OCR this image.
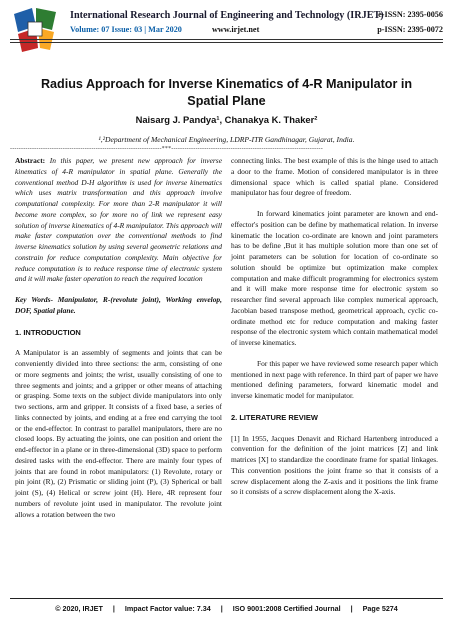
International Research Journal of Engineering and Technology (IRJET)
Volume: 07 Issue: 03 | Mar 2020	www.irjet.net
e-ISSN: 2395-0056
p-ISSN: 2395-0072
Radius Approach for Inverse Kinematics of 4-R Manipulator in Spatial Plane
Naisarg J. Pandya¹, Chanakya K. Thaker²
¹,²Department of Mechanical Engineering, LDRP-ITR Gandhinagar, Gujarat, India.
---------------------------------------------------------------------***---------------------------------------------------------------------

Abstract: In this paper, we present new approach for inverse kinematics of 4-R manipulator in spatial plane. Generally the conventional method D-H algorithm is used for inverse kinematics which uses matrix transformation and this approach involve computational complexity. For more than 2-R manipulator it will become more complex, so for more no of link we represent easy solution of inverse kinematics of 4-R manipulator. This approach will make faster computation over the conventional methods to find inverse kinematics solution by using several geometric relations and constrain for reduce computation complexity. Main objective for reduce computation is to reduce response time of electronic system and it will make faster operation to reach the required location

Key Words- Manipulator, R-(revolute joint), Working envelop, DOF, Spatial plane.

1. INTRODUCTION

A Manipulator is an assembly of segments and joints that can be conveniently divided into three sections: the arm, consisting of one or more segments and joints; the wrist, usually consisting of one to three segments and joints; and a gripper or other means of attaching or grasping. Some texts on the subject divide manipulators into only two sections, arm and gripper. It consists of a fixed base, a series of links connected by joints, and ending at a free end carrying the tool or the end-effector. In contrast to parallel manipulators, there are no closed loops. By actuating the joints, one can position and orient the end-effector in a plane or in three-dimensional (3D) space to perform desired tasks with the end-effector. There are mainly four types of joints that are found in robot manipulators: (1) Revolute, rotary or pin joint (R), (2) Prismatic or sliding joint (P), (3) Spherical or ball joint (S), (4) Helical or screw joint (H). Here, 4R represent four numbers of revolute joint used in manipulator. The revolute joint allows a rotation between the two

connecting links. The best example of this is the hinge used to attach a door to the frame. Motion of considered manipulator is in three dimensional space which is called spatial plane. Considered manipulator has four degree of freedom.

In forward kinematics joint parameter are known and end-effector's position can be define by mathematical relation. In inverse kinematic the location co-ordinate are known and joint parameters has to be define ,But it has multiple solution more than one set of joint parameters can be solution for location of co-ordinate so solution should be optimize but optimization make complex computation and make difficult programming for electronics system and it will make more response time for electronic system so researcher find several approach like complex numerical approach, Jacobian based transpose method, geometrical approach, cyclic co-ordinate method etc for reduce computation and making faster response of the electronic system which contain mathematical model of inverse kinematics.

For this paper we have reviewed some research paper which mentioned in next page with reference. In third part of paper we have mentioned defining parameters, forward kinematic model and inverse kinematic model for manipulator.

2. LITERATURE REVIEW

[1] In 1955, Jacques Denavit and Richard Hartenberg introduced a convention for the definition of the joint matrices [Z] and link matrices [X] to standardize the coordinate frame for spatial linkages. This convention positions the joint frame so that it consists of a screw displacement along the Z-axis and it positions the link frame so it consists of a screw displacement along the X-axis.

© 2020, IRJET | Impact Factor value: 7.34 | ISO 9001:2008 Certified Journal | Page 5274
